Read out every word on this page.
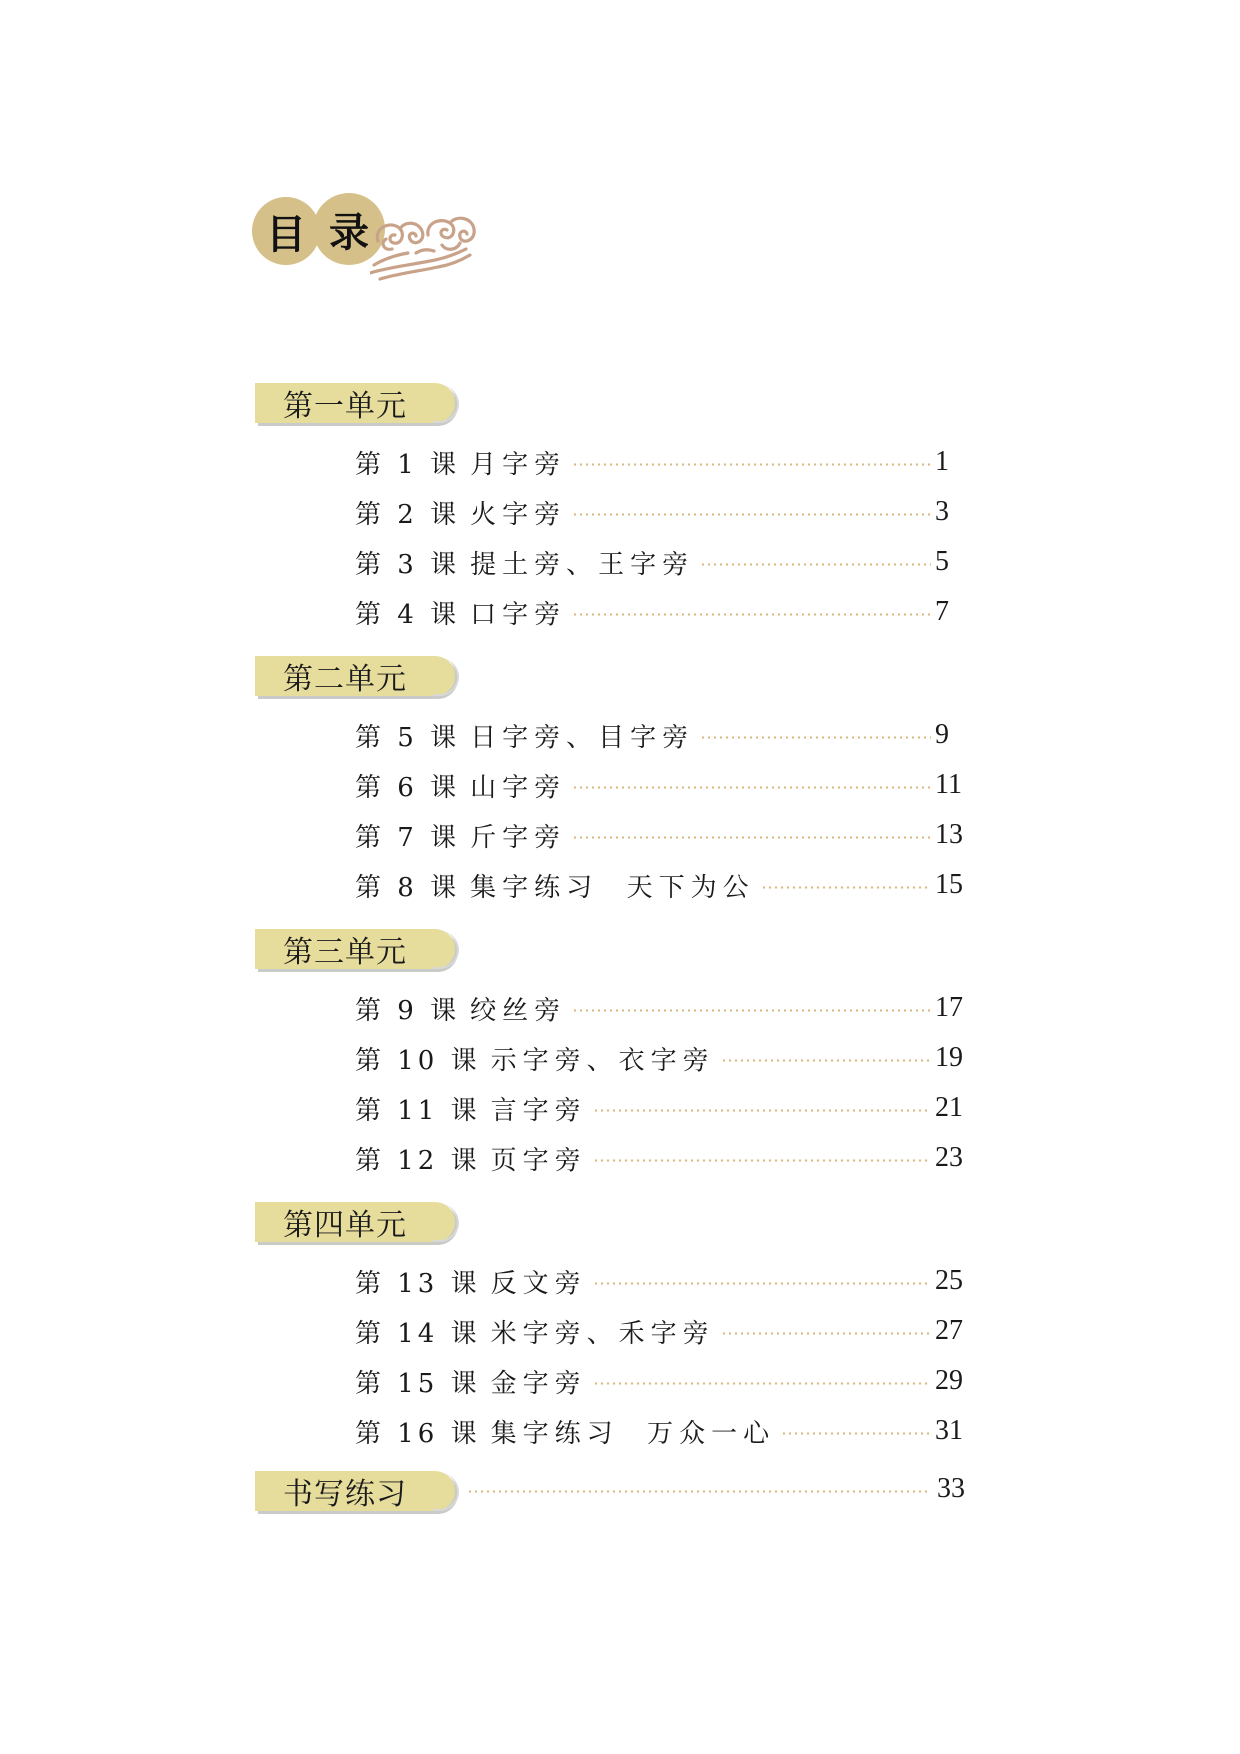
目 录
第一单元
第 1 课 月字旁	1
第 2 课 火字旁	3
第 3 课 提土旁、王字旁	5
第 4 课 口字旁	7
第二单元
第 5 课 日字旁、目字旁	9
第 6 课 山字旁	11
第 7 课 斤字旁	13
第 8 课 集字练习  天下为公	15
第三单元
第 9 课 绞丝旁	17
第 10 课 示字旁、衣字旁	19
第 11 课 言字旁	21
第 12 课 页字旁	23
第四单元
第 13 课 反文旁	25
第 14 课 米字旁、禾字旁	27
第 15 课 金字旁	29
第 16 课 集字练习  万众一心	31
书写练习	33
